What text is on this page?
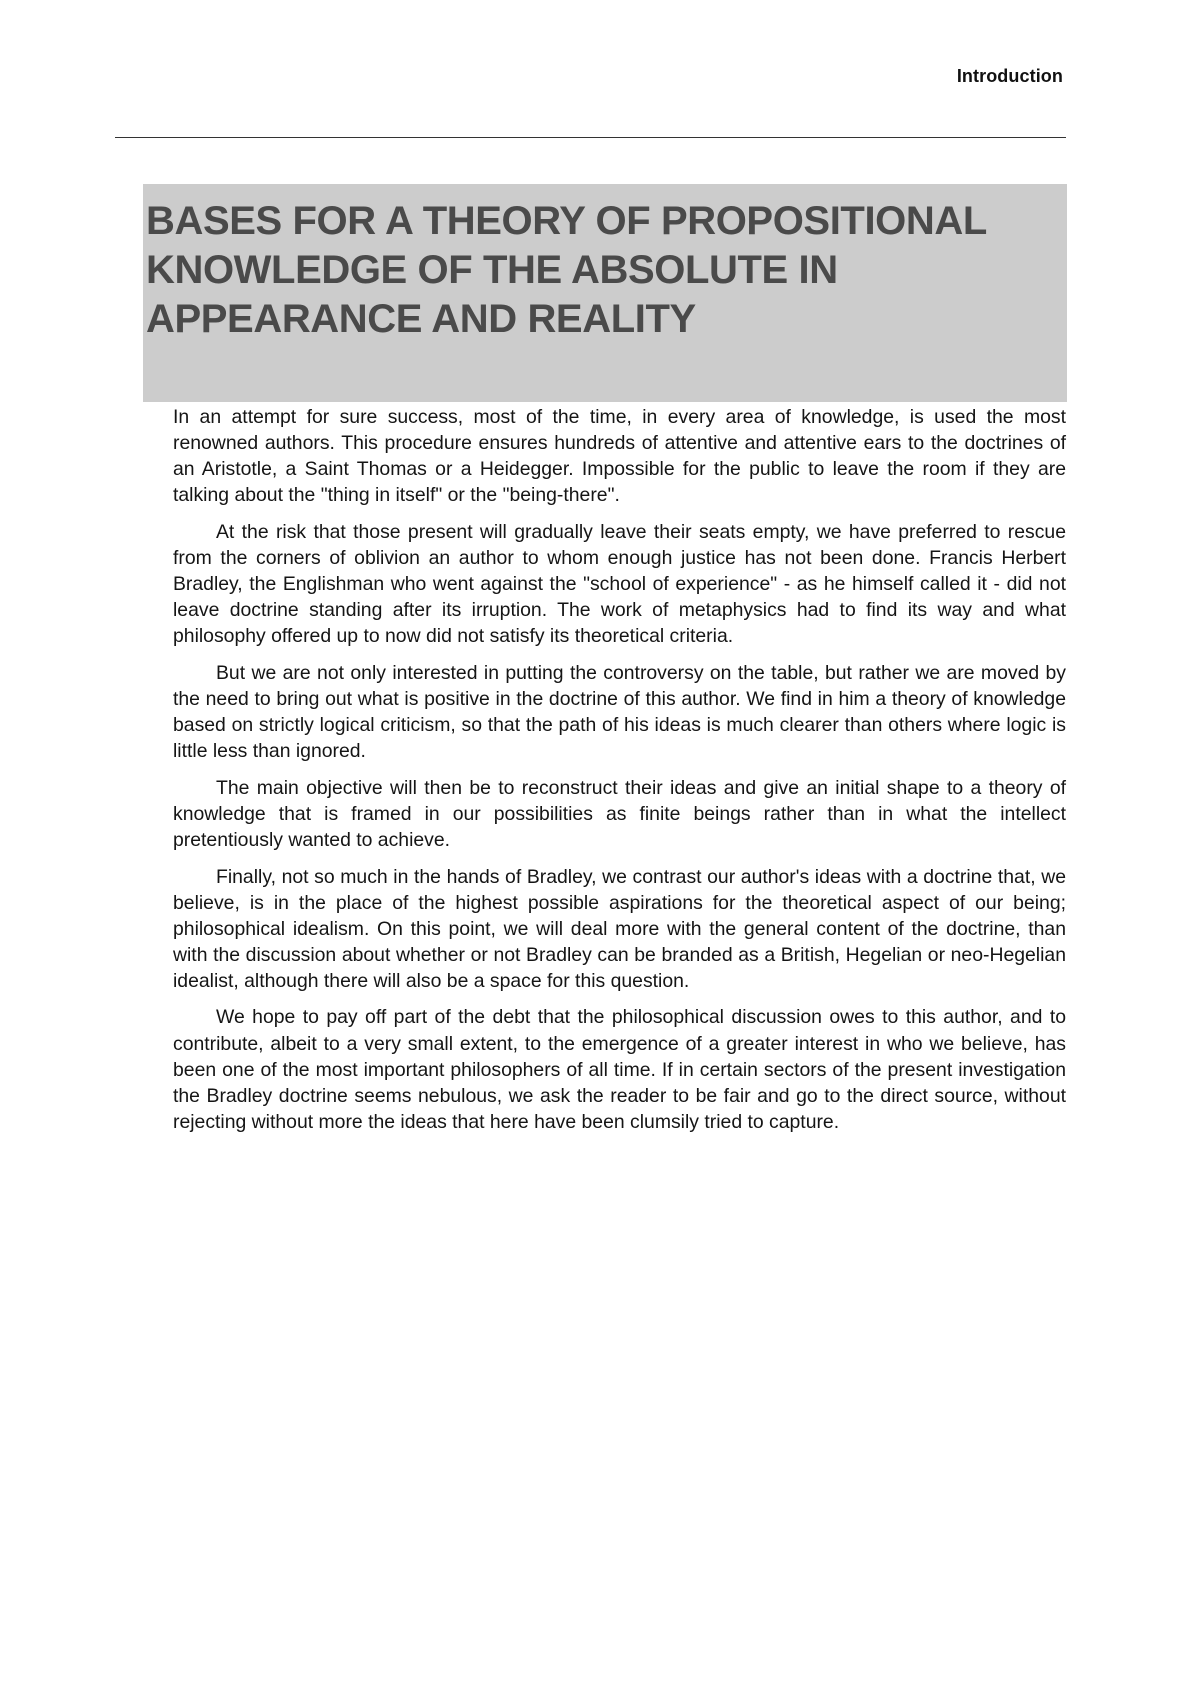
Introduction
BASES FOR A THEORY OF PROPOSITIONAL KNOWLEDGE OF THE ABSOLUTE IN APPEARANCE AND REALITY

In an attempt for sure success, most of the time, in every area of knowledge, is used the most renowned authors. This procedure ensures hundreds of attentive and attentive ears to the doctrines of an Aristotle, a Saint Thomas or a Heidegger. Impossible for the public to leave the room if they are talking about the "thing in itself" or the "being-there".

At the risk that those present will gradually leave their seats empty, we have preferred to rescue from the corners of oblivion an author to whom enough justice has not been done. Francis Herbert Bradley, the Englishman who went against the "school of experience" - as he himself called it - did not leave doctrine standing after its irruption. The work of metaphysics had to find its way and what philosophy offered up to now did not satisfy its theoretical criteria.

But we are not only interested in putting the controversy on the table, but rather we are moved by the need to bring out what is positive in the doctrine of this author. We find in him a theory of knowledge based on strictly logical criticism, so that the path of his ideas is much clearer than others where logic is little less than ignored.

The main objective will then be to reconstruct their ideas and give an initial shape to a theory of knowledge that is framed in our possibilities as finite beings rather than in what the intellect pretentiously wanted to achieve.

Finally, not so much in the hands of Bradley, we contrast our author's ideas with a doctrine that, we believe, is in the place of the highest possible aspirations for the theoretical aspect of our being; philosophical idealism. On this point, we will deal more with the general content of the doctrine, than with the discussion about whether or not Bradley can be branded as a British, Hegelian or neo-Hegelian idealist, although there will also be a space for this question.

We hope to pay off part of the debt that the philosophical discussion owes to this author, and to contribute, albeit to a very small extent, to the emergence of a greater interest in who we believe, has been one of the most important philosophers of all time. If in certain sectors of the present investigation the Bradley doctrine seems nebulous, we ask the reader to be fair and go to the direct source, without rejecting without more the ideas that here have been clumsily tried to capture.
